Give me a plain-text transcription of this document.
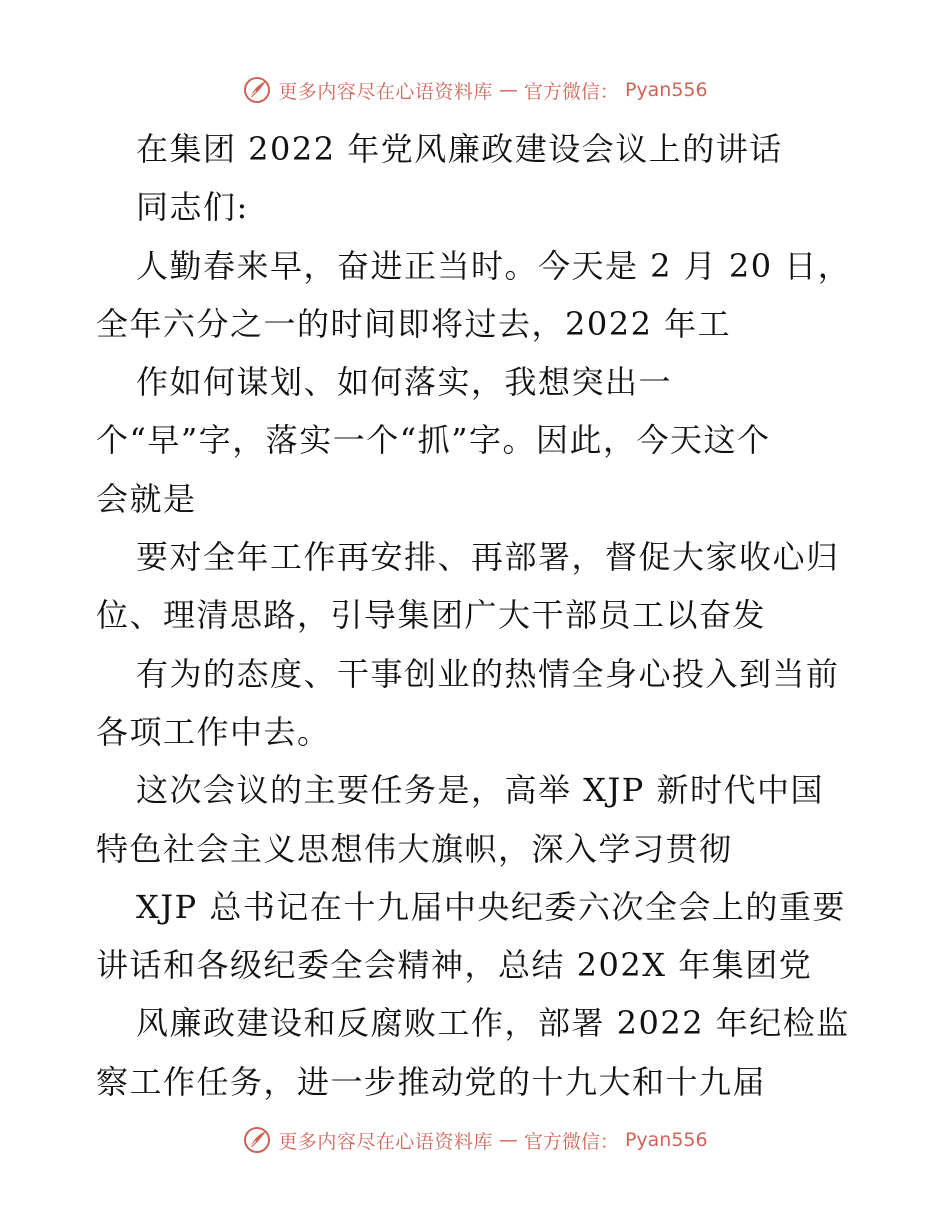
更多内容尽在心语资料库 — 官方微信： Pyan556
在集团 2022 年党风廉政建设会议上的讲话
同志们:
人勤春来早，奋进正当时。今天是 2 月 20 日，
全年六分之一的时间即将过去，2022 年工
作如何谋划、如何落实，我想突出一
个“早”字，落实一个“抓”字。因此，今天这个
会就是
要对全年工作再安排、再部署，督促大家收心归
位、理清思路，引导集团广大干部员工以奋发
有为的态度、干事创业的热情全身心投入到当前
各项工作中去。
这次会议的主要任务是，高举 XJP 新时代中国
特色社会主义思想伟大旗帜，深入学习贯彻
XJP 总书记在十九届中央纪委六次全会上的重要
讲话和各级纪委全会精神，总结 202X 年集团党
风廉政建设和反腐败工作，部署 2022 年纪检监
察工作任务，进一步推动党的十九大和十九届
更多内容尽在心语资料库 — 官方微信： Pyan556
